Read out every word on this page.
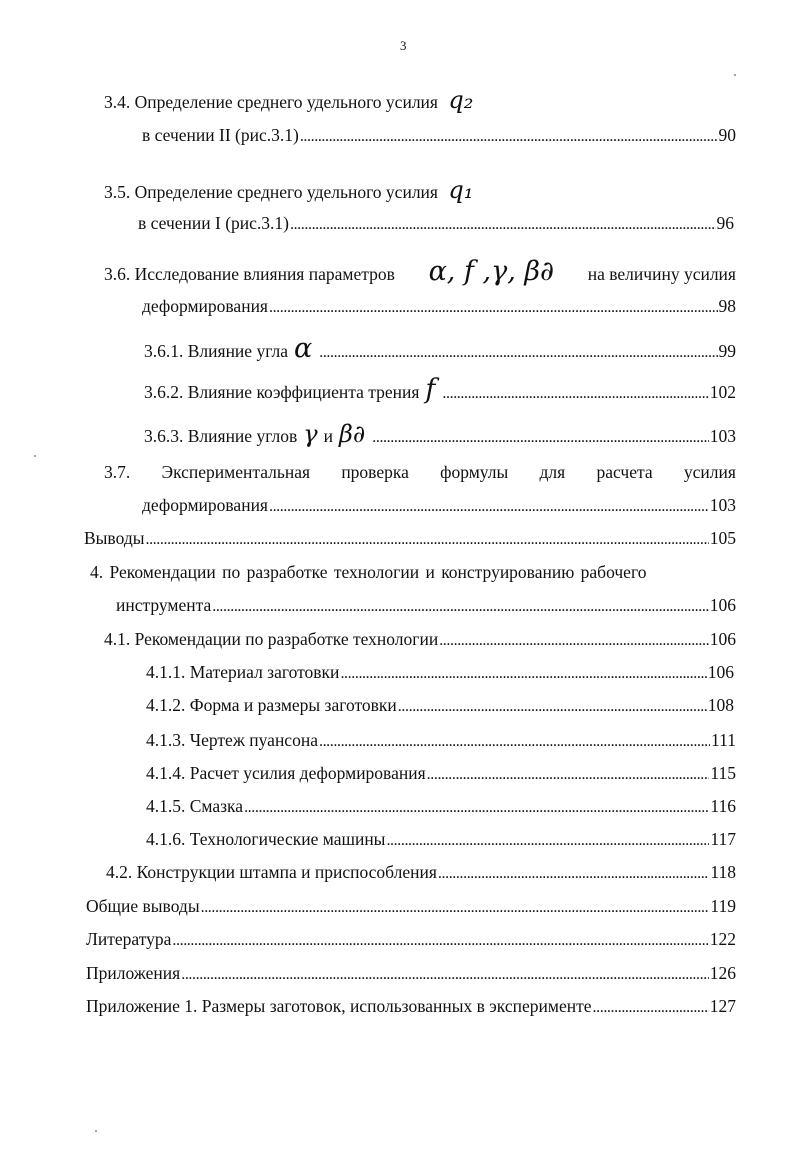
3
3.4. Определение среднего удельного усилия q₂
в сечении II (рис.3.1) . . .	90
3.5. Определение среднего удельного усилия q₁
в сечении I (рис.3.1) . . .	96
3.6. Исследование влияния параметров α, f ,γ, β∂ на величину усилия
деформирования . . .	98
3.6.1. Влияние угла α . . .	99
3.6.2. Влияние коэффициента трения f . . .	102
3.6.3. Влияние углов γ и β∂ . . .	103
3.7. Экспериментальная проверка формулы для расчета усилия
деформирования . . .	103
Выводы . . .	105
4. Рекомендации по разработке технологии и конструированию рабочего
инструмента . . .	106
4.1. Рекомендации по разработке технологии . . .	106
4.1.1. Материал заготовки . . .	106
4.1.2. Форма и размеры заготовки . . .	108
4.1.3. Чертеж пуансона . . .	111
4.1.4. Расчет усилия деформирования . . .	115
4.1.5. Смазка . . .	116
4.1.6. Технологические машины . . .	117
4.2. Конструкции штампа и приспособления . . .	118
Общие выводы . . .	119
Литература . . .	122
Приложения . . .	126
Приложение 1. Размеры заготовок, использованных в эксперименте . . .	127
